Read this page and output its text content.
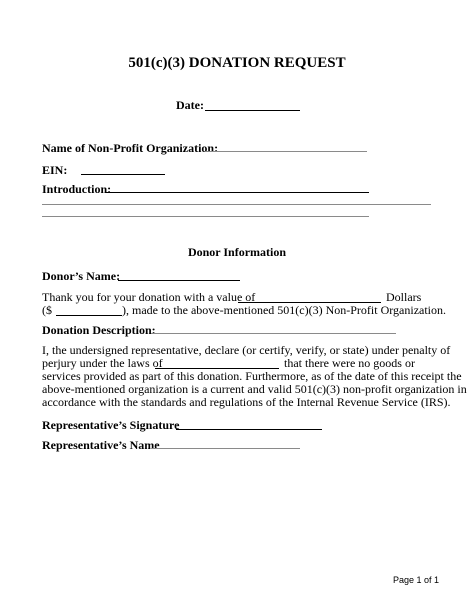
501(c)(3) DONATION REQUEST
Date:
Name of Non-Profit Organization:
EIN:
Introduction:
Donor Information
Donor’s Name:
Thank you for your donation with a value of	Dollars
($	), made to the above-mentioned 501(c)(3) Non-Profit Organization.
Donation Description:
I, the undersigned representative, declare (or certify, verify, or state) under penalty of
perjury under the laws of	that there were no goods or
services provided as part of this donation. Furthermore, as of the date of this receipt the
above-mentioned organization is a current and valid 501(c)(3) non-profit organization in
accordance with the standards and regulations of the Internal Revenue Service (IRS).
Representative’s Signature
Representative’s Name
Page 1 of 1
